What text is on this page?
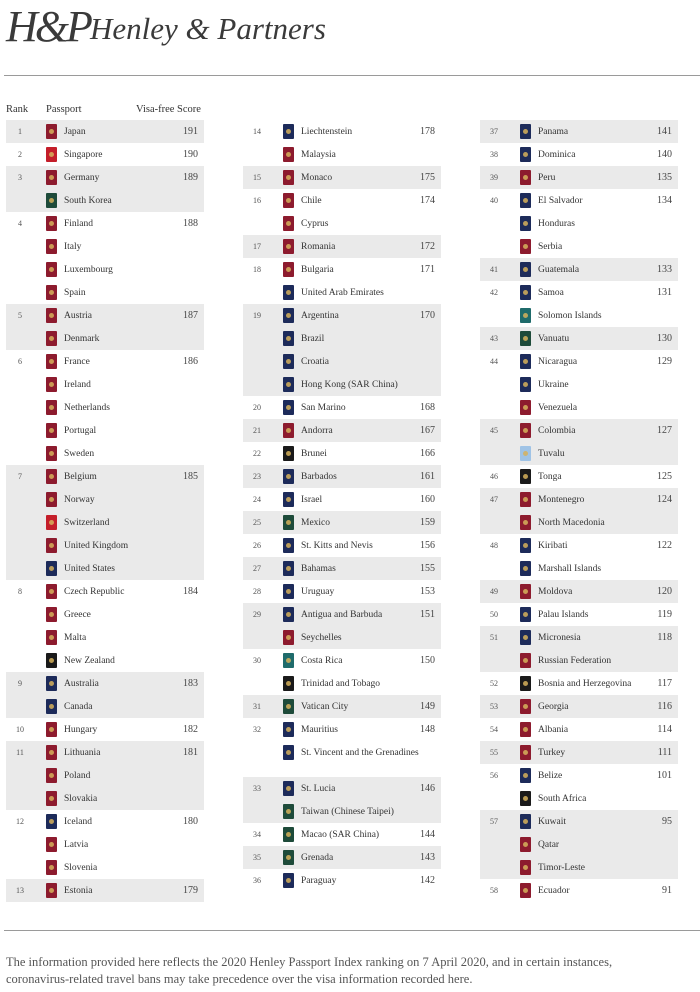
H&P Henley & Partners
Rank Passport	Visa-free Score
1	Japan	191
2	Singapore	190
3	Germany	189
South Korea
4	Finland	188
Italy
Luxembourg
Spain
5	Austria	187
Denmark
6	France	186
Ireland
Netherlands
Portugal
Sweden
7	Belgium	185
Norway
Switzerland
United Kingdom
United States
8	Czech Republic	184
Greece
Malta
New Zealand
9	Australia	183
Canada
10	Hungary	182
11	Lithuania	181
Poland
Slovakia
12	Iceland	180
Latvia
Slovenia
13	Estonia	179
14	Liechtenstein	178
Malaysia
15	Monaco	175
16	Chile	174
Cyprus
17	Romania	172
18	Bulgaria	171
United Arab Emirates
19	Argentina	170
Brazil
Croatia
Hong Kong (SAR China)
20	San Marino	168
21	Andorra	167
22	Brunei	166
23	Barbados	161
24	Israel	160
25	Mexico	159
26	St. Kitts and Nevis	156
27	Bahamas	155
28	Uruguay	153
29	Antigua and Barbuda	151
Seychelles
30	Costa Rica	150
Trinidad and Tobago
31	Vatican City	149
32	Mauritius	148
St. Vincent and the Grenadines
33	St. Lucia	146
Taiwan (Chinese Taipei)
34	Macao (SAR China)	144
35	Grenada	143
36	Paraguay	142
37	Panama	141
38	Dominica	140
39	Peru	135
40	El Salvador	134
Honduras
Serbia
41	Guatemala	133
42	Samoa	131
Solomon Islands
43	Vanuatu	130
44	Nicaragua	129
Ukraine
Venezuela
45	Colombia	127
Tuvalu
46	Tonga	125
47	Montenegro	124
North Macedonia
48	Kiribati	122
Marshall Islands
49	Moldova	120
50	Palau Islands	119
51	Micronesia	118
Russian Federation
52	Bosnia and Herzegovina	117
53	Georgia	116
54	Albania	114
55	Turkey	111
56	Belize	101
South Africa
57	Kuwait	95
Qatar
Timor-Leste
58	Ecuador	91
The information provided here reflects the 2020 Henley Passport Index ranking on 7 April 2020, and in certain instances, coronavirus-related travel bans may take precedence over the visa information recorded here.
